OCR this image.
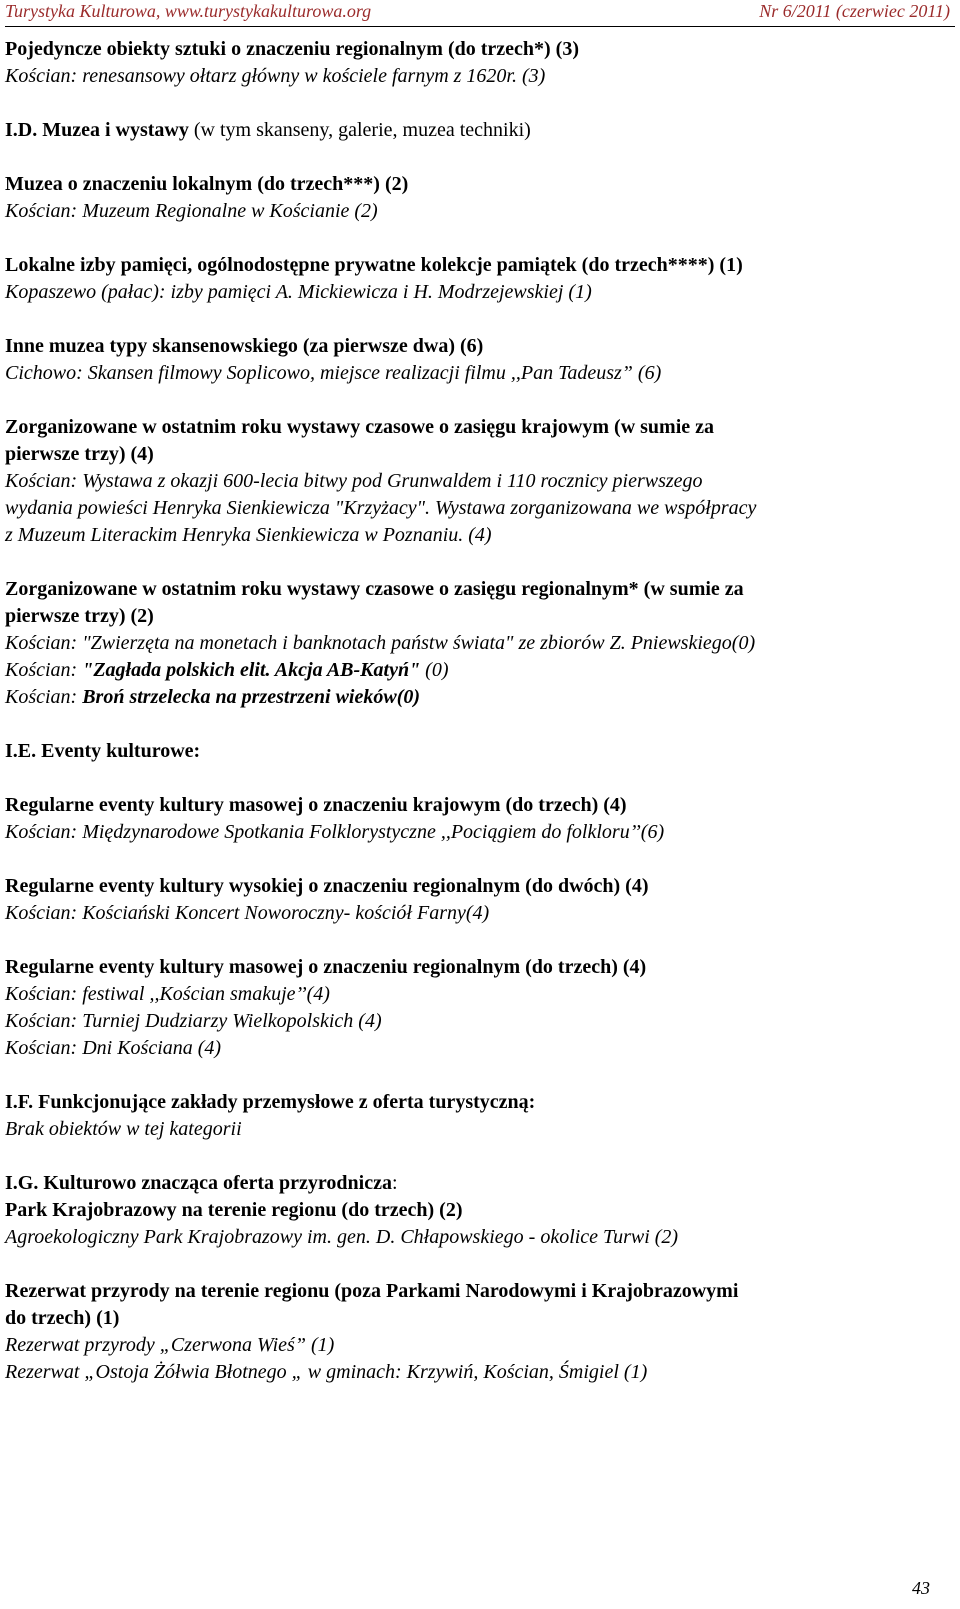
Turystyka Kulturowa, www.turystykakulturowa.org	Nr 6/2011 (czerwiec 2011)
Pojedyncze obiekty sztuki o znaczeniu regionalnym (do trzech*) (3)
Kościan: renesansowy ołtarz główny w kościele farnym z 1620r. (3)
I.D. Muzea i wystawy (w tym skanseny, galerie, muzea techniki)
Muzea o znaczeniu lokalnym (do trzech***) (2)
Kościan: Muzeum Regionalne w Kościanie (2)
Lokalne izby pamięci, ogólnodostępne prywatne kolekcje pamiątek (do trzech****) (1)
Kopaszewo (pałac): izby pamięci A. Mickiewicza i H. Modrzejewskiej (1)
Inne muzea typy skansenowskiego (za pierwsze dwa) (6)
Cichowo: Skansen filmowy Soplicowo, miejsce realizacji filmu ,,Pan Tadeusz” (6)
Zorganizowane w ostatnim roku wystawy czasowe o zasięgu krajowym (w sumie za
pierwsze trzy) (4)
Kościan: Wystawa z okazji 600-lecia bitwy pod Grunwaldem i 110 rocznicy pierwszego
wydania powieści Henryka Sienkiewicza "Krzyżacy". Wystawa zorganizowana we współpracy
z Muzeum Literackim Henryka Sienkiewicza w Poznaniu. (4)
Zorganizowane w ostatnim roku wystawy czasowe o zasięgu regionalnym* (w sumie za
pierwsze trzy) (2)
Kościan: "Zwierzęta na monetach i banknotach państw świata" ze zbiorów Z. Pniewskiego(0)
Kościan: "Zagłada polskich elit. Akcja AB-Katyń" (0)
Kościan: Broń strzelecka na przestrzeni wieków(0)
I.E. Eventy kulturowe:
Regularne eventy kultury masowej o znaczeniu krajowym (do trzech) (4)
Kościan: Międzynarodowe Spotkania Folklorystyczne ,,Pociągiem do folkloru’’(6)
Regularne eventy kultury wysokiej o znaczeniu regionalnym (do dwóch) (4)
Kościan: Kościański Koncert Noworoczny- kościół Farny(4)
Regularne eventy kultury masowej o znaczeniu regionalnym (do trzech) (4)
Kościan: festiwal ,,Kościan smakuje’’(4)
Kościan: Turniej Dudziarzy Wielkopolskich (4)
Kościan: Dni Kościana (4)
I.F. Funkcjonujące zakłady przemysłowe z oferta turystyczną:
Brak obiektów w tej kategorii
I.G. Kulturowo znacząca oferta przyrodnicza:
Park Krajobrazowy na terenie regionu (do trzech) (2)
Agroekologiczny Park Krajobrazowy im. gen. D. Chłapowskiego - okolice Turwi (2)
Rezerwat przyrody na terenie regionu (poza Parkami Narodowymi i Krajobrazowymi
do trzech) (1)
Rezerwat przyrody „Czerwona Wieś” (1)
Rezerwat „Ostoja Żółwia Błotnego „ w gminach: Krzywiń, Kościan, Śmigiel (1)
43
